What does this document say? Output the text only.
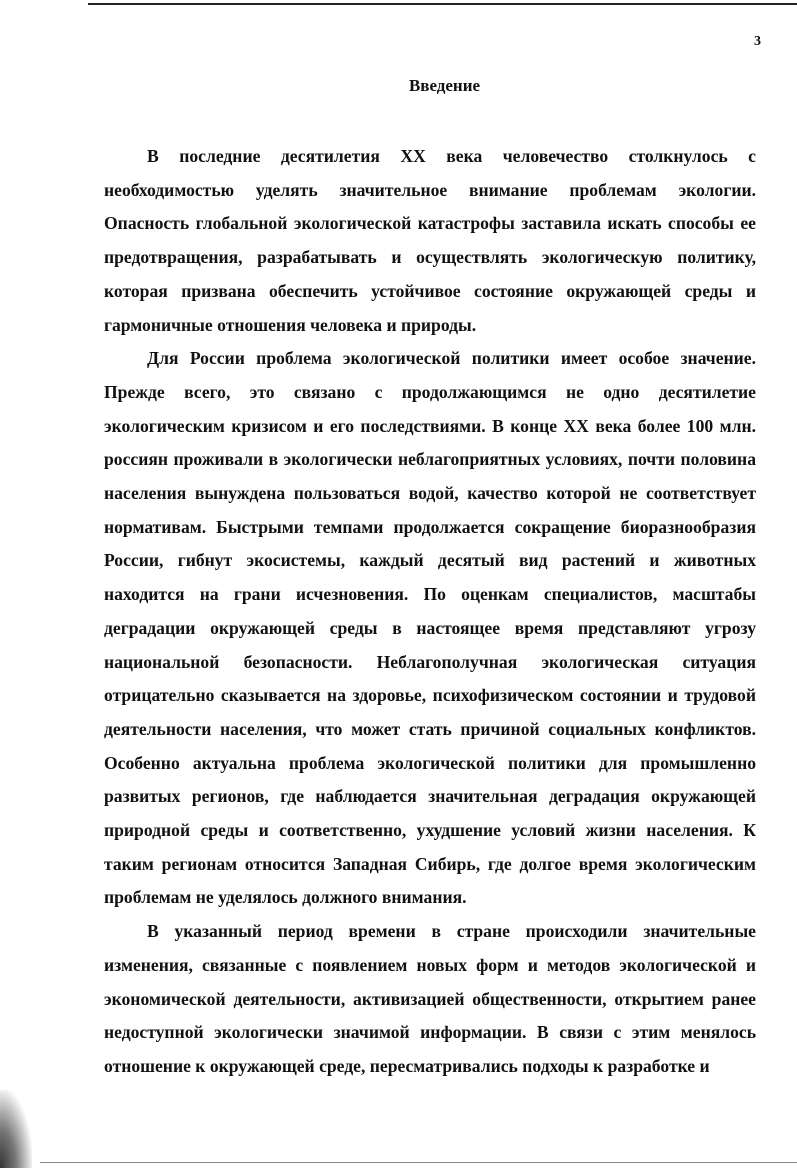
3
Введение

В последние десятилетия XX века человечество столкнулось с необходимостью уделять значительное внимание проблемам экологии. Опасность глобальной экологической катастрофы заставила искать способы ее предотвращения, разрабатывать и осуществлять экологическую политику, которая призвана обеспечить устойчивое состояние окружающей среды и гармоничные отношения человека и природы.

Для России проблема экологической политики имеет особое значение. Прежде всего, это связано с продолжающимся не одно десятилетие экологическим кризисом и его последствиями. В конце XX века более 100 млн. россиян проживали в экологически неблагоприятных условиях, почти половина населения вынуждена пользоваться водой, качество которой не соответствует нормативам. Быстрыми темпами продолжается сокращение биоразнообразия России, гибнут экосистемы, каждый десятый вид растений и животных находится на грани исчезновения. По оценкам специалистов, масштабы деградации окружающей среды в настоящее время представляют угрозу национальной безопасности. Неблагополучная экологическая ситуация отрицательно сказывается на здоровье, психофизическом состоянии и трудовой деятельности населения, что может стать причиной социальных конфликтов. Особенно актуальна проблема экологической политики для промышленно развитых регионов, где наблюдается значительная деградация окружающей природной среды и соответственно, ухудшение условий жизни населения. К таким регионам относится Западная Сибирь, где долгое время экологическим проблемам не уделялось должного внимания.

В указанный период времени в стране происходили значительные изменения, связанные с появлением новых форм и методов экологической и экономической деятельности, активизацией общественности, открытием ранее недоступной экологически значимой информации. В связи с этим менялось отношение к окружающей среде, пересматривались подходы к разработке и
